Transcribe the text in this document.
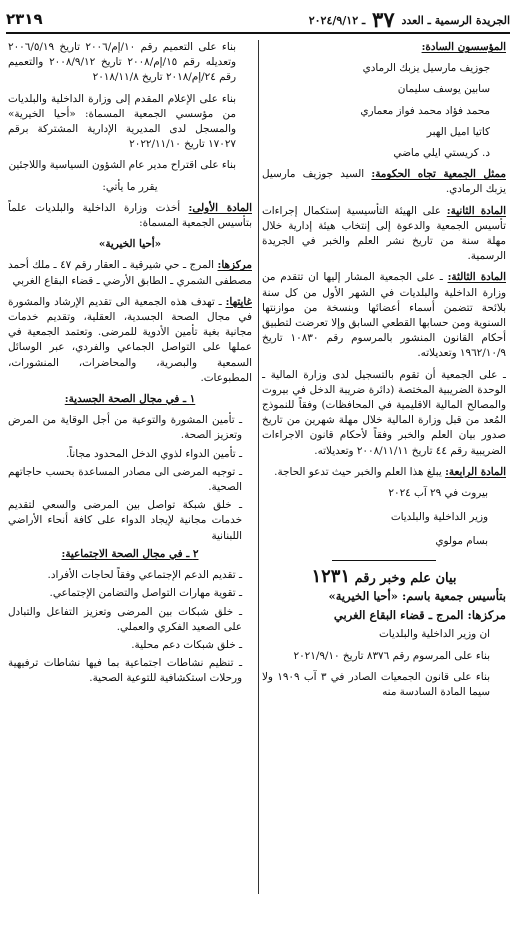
الجريدة الرسمية ـ العدد ٣٧ ـ ٢٠٢٤/٩/١٢
٢٣١٩

المؤسسون السادة:

جوزيف مارسيل يزبك الرمادي

سابين يوسف سليمان

محمد فؤاد محمد فواز معماري

كاتيا اميل الهبر

د. كريستي ايلي ماضي

ممثل الجمعية تجاه الحكومة: السيد جوزيف مارسيل يزبك الرمادي.

المادة الثانية: على الهيئة التأسيسية إستكمال إجراءات تأسيس الجمعية والدعوة إلى إنتخاب هيئة إدارية خلال مهلة سنة من تاريخ نشر العلم والخبر في الجريدة الرسمية.

المادة الثالثة: ـ على الجمعية المشار إليها ان تتقدم من وزارة الداخلية والبلديات في الشهر الأول من كل سنة بلائحة تتضمن أسماء أعضائها وبنسخة من موازنتها السنوية ومن حسابها القطعي السابق وإلا تعرضت لتطبيق أحكام القانون المنشور بالمرسوم رقم ١٠٨٣٠ تاريخ ١٩٦٢/١٠/٩ وتعديلاته.

ـ على الجمعية أن تقوم بالتسجيل لدى وزارة المالية ـ الوحدة الضريبية المختصة (دائرة ضريبة الدخل في بيروت والمصالح المالية الاقليمية في المحافظات) وفقاً للنموذج المُعد من قبل وزارة المالية خلال مهلة شهرين من تاريخ صدور بيان العلم والخبر وفقاً لأحكام قانون الاجراءات الضريبية رقم ٤٤ تاريخ ٢٠٠٨/١١/١١ وتعديلاته.

المادة الرابعة: يبلغ هذا العلم والخبر حيث تدعو الحاجة.

بيروت في ٢٩ آب ٢٠٢٤

وزير الداخلية والبلديات

بسام مولوي

بيان علم وخبر رقم ١٢٣١

بتأسيس جمعية باسم: «أحيا الخيرية»

مركزها: المرج ـ قضاء البقاع الغربي

ان وزير الداخلية والبلديات

بناء على المرسوم رقم ٨٣٧٦ تاريخ ٢٠٢١/٩/١٠

بناء على قانون الجمعيات الصادر في ٣ آب ١٩٠٩ ولا سيما المادة السادسة منه

بناء على التعميم رقم ١٠/إم/٢٠٠٦ تاريخ ٢٠٠٦/٥/١٩ وتعديله رقم ١٥/إم/٢٠٠٨ تاريخ ٢٠٠٨/٩/١٢ والتعميم رقم ٢٤/إم/٢٠١٨ تاريخ ٢٠١٨/١١/٨

بناء على الإعلام المقدم إلى وزارة الداخلية والبلديات من مؤسسي الجمعية المسماة: «أحيا الخيرية» والمسجل لدى المديرية الإدارية المشتركة برقم ١٧٠٢٧ تاريخ ٢٠٢٢/١١/١٠

بناء على اقتراح مدير عام الشؤون السياسية واللاجئين

يقرر ما يأتي:

المادة الأولى: أخذت وزارة الداخلية والبلديات علماً بتأسيس الجمعية المسماة:

«أحيا الخيرية»

مركزها: المرج ـ حي شيرقية ـ العقار رقم ٤٧ ـ ملك أحمد مصطفى الشمري ـ الطابق الأرضي ـ قضاء البقاع الغربي

غايتها: ـ تهدف هذه الجمعية الى تقديم الإرشاد والمشورة في مجال الصحة الجسدية، العقلية، وتقديم خدمات مجانية بغية تأمين الأدوية للمرضى. وتعتمد الجمعية في عملها على التواصل الجماعي والفردي، عبر الوسائل السمعية والبصرية، والمحاضرات، المنشورات، المطبوعات.

١ ـ في مجال الصحة الجسدية:

ـ تأمين المشورة والتوعية من أجل الوقاية من المرض وتعزيز الصحة.

ـ تأمين الدواء لذوي الدخل المحدود مجاناً.

ـ توجيه المرضى الى مصادر المساعدة بحسب حاجاتهم الصحية.

ـ خلق شبكة تواصل بين المرضى والسعي لتقديم خدمات مجانية لإيجاد الدواء على كافة أنحاء الأراضي اللبنانية

٢ ـ في مجال الصحة الاجتماعية:

ـ تقديم الدعم الإجتماعي وفقاً لحاجات الأفراد.

ـ تقوية مهارات التواصل والتضامن الإجتماعي.

ـ خلق شبكات بين المرضى وتعزيز التفاعل والتبادل على الصعيد الفكري والعملي.

ـ خلق شبكات دعم محلية.

ـ تنظيم نشاطات اجتماعية بما فيها نشاطات ترفيهية ورحلات استكشافية للتوعية الصحية.
